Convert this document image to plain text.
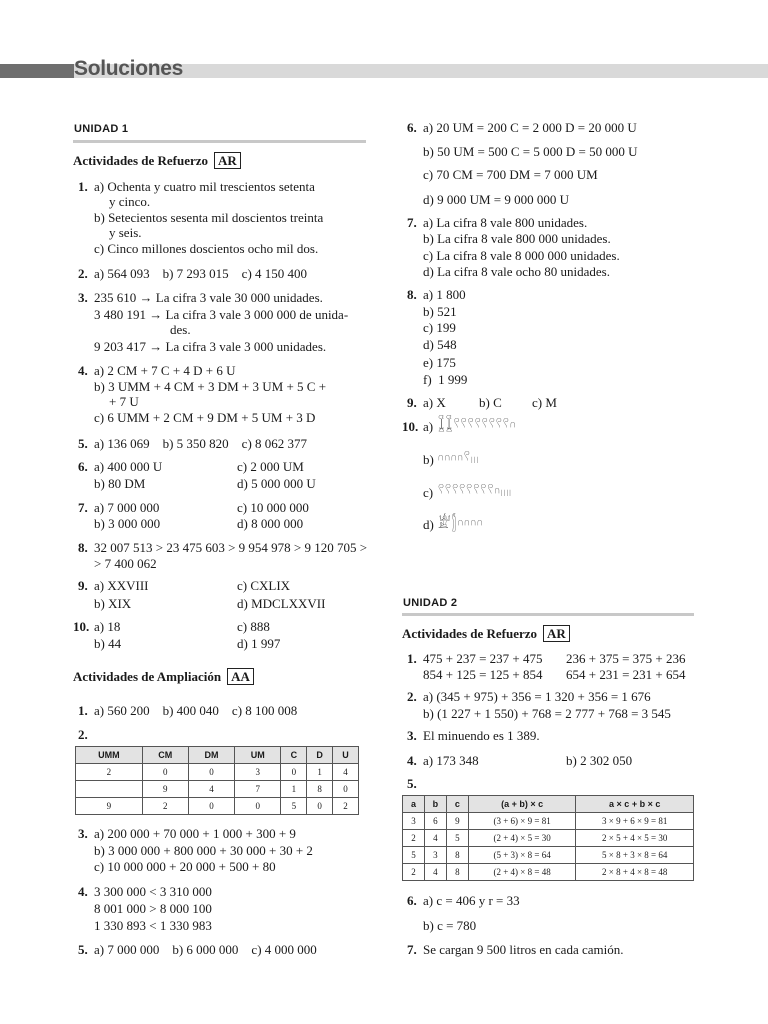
Soluciones
UNIDAD 1
Actividades de Refuerzo AR
1. a) Ochenta y cuatro mil trescientos setenta
y cinco.
b) Setecientos sesenta mil doscientos treinta
y seis.
c) Cinco millones doscientos ocho mil dos.
2. a) 564 093    b) 7 293 015    c) 4 150 400
3. 235 610 → La cifra 3 vale 30 000 unidades.
3 480 191 → La cifra 3 vale 3 000 000 de unida-
des.
9 203 417 → La cifra 3 vale 3 000 unidades.
4. a) 2 CM + 7 C + 4 D + 6 U
b) 3 UMM + 4 CM + 3 DM + 3 UM + 5 C +
+ 7 U
c) 6 UMM + 2 CM + 9 DM + 5 UM + 3 D
5. a) 136 069    b) 5 350 820    c) 8 062 377
6. a) 400 000 U	c) 2 000 UM
b) 80 DM	d) 5 000 000 U
7. a) 7 000 000	c) 10 000 000
b) 3 000 000	d) 8 000 000
8. 32 007 513 > 23 475 603 > 9 954 978 > 9 120 705 >
> 7 400 062
9. a) XXVIII	c) CXLIX
b) XIX	d) MDCLXXVII
10. a) 18	c) 888
b) 44	d) 1 997
Actividades de Ampliación AA
1. a) 560 200    b) 400 040    c) 8 100 008
2.
UMM	CM	DM	UM	C	D	U
2	0	0	3	0	1	4
	9	4	7	1	8	0
9	2	0	0	5	0	2
3. a) 200 000 + 70 000 + 1 000 + 300 + 9
b) 3 000 000 + 800 000 + 30 000 + 30 + 2
c) 10 000 000 + 20 000 + 500 + 80
4. 3 300 000 < 3 310 000
8 001 000 > 8 000 100
1 330 893 < 1 330 983
5. a) 7 000 000    b) 6 000 000    c) 4 000 000
6. a) 20 UM = 200 C = 2 000 D = 20 000 U
b) 50 UM = 500 C = 5 000 D = 50 000 U
c) 70 CM = 700 DM = 7 000 UM
d) 9 000 UM = 9 000 000 U
7. a) La cifra 8 vale 800 unidades.
b) La cifra 8 vale 800 000 unidades.
c) La cifra 8 vale 8 000 000 unidades.
d) La cifra 8 vale ocho 80 unidades.
8. a) 1 800
b) 521
c) 199
d) 548
e) 175
f)  1 999
9. a) X	b) C c) M
10. a) 𓆼𓆼𓍢𓍢𓍢𓍢𓍢𓍢𓍢𓍢𓎆
b) 𓎆𓎆𓎆𓎆𓍢𓏺𓏺𓏺
c) 𓍢𓍢𓍢𓍢𓍢𓍢𓍢𓍢𓎆𓏺𓏺𓏺𓏺
d) 𓁨𓂭𓎆𓎆𓎆𓎆
UNIDAD 2
Actividades de Refuerzo AR
1. 475 + 237 = 237 + 475 236 + 375 = 375 + 236
854 + 125 = 125 + 854 654 + 231 = 231 + 654
2. a) (345 + 975) + 356 = 1 320 + 356 = 1 676
b) (1 227 + 1 550) + 768 = 2 777 + 768 = 3 545
3. El minuendo es 1 389.
4. a) 173 348	b) 2 302 050
5.
a	b	c	(a + b) × c	a × c + b × c
3	6	9	(3 + 6) × 9 = 81	3 × 9 + 6 × 9 = 81
2	4	5	(2 + 4) × 5 = 30	2 × 5 + 4 × 5 = 30
5	3	8	(5 + 3) × 8 = 64	5 × 8 + 3 × 8 = 64
2	4	8	(2 + 4) × 8 = 48	2 × 8 + 4 × 8 = 48
6. a) c = 406 y r = 33
b) c = 780
7. Se cargan 9 500 litros en cada camión.
